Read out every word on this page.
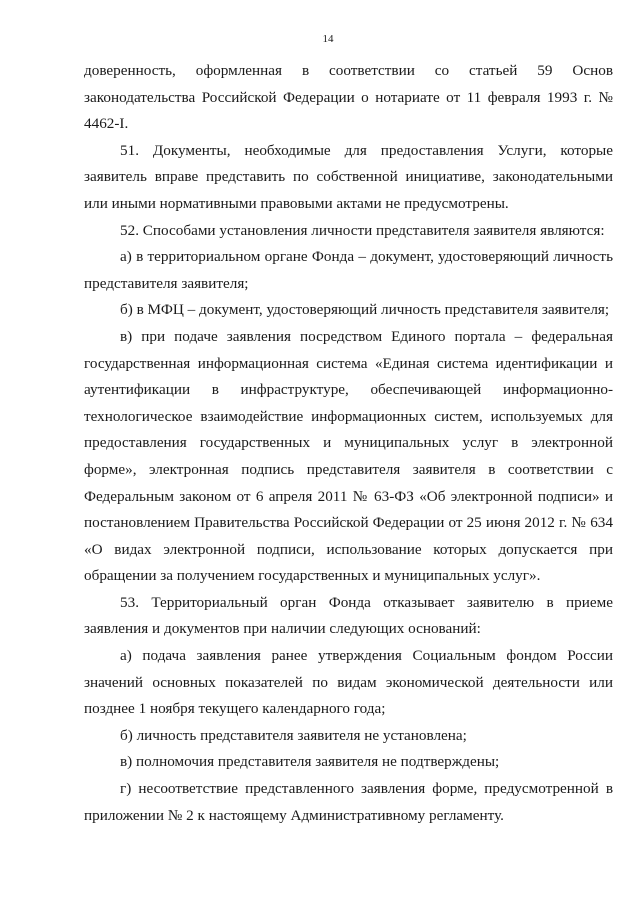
14

доверенность, оформленная в соответствии со статьей 59 Основ законодательства Российской Федерации о нотариате от 11 февраля 1993 г. № 4462-I.

51. Документы, необходимые для предоставления Услуги, которые заявитель вправе представить по собственной инициативе, законодательными или иными нормативными правовыми актами не предусмотрены.

52. Способами установления личности представителя заявителя являются:

а) в территориальном органе Фонда – документ, удостоверяющий личность представителя заявителя;

б) в МФЦ – документ, удостоверяющий личность представителя заявителя;

в) при подаче заявления посредством Единого портала – федеральная государственная информационная система «Единая система идентификации и аутентификации в инфраструктуре, обеспечивающей информационно-технологическое взаимодействие информационных систем, используемых для предоставления государственных и муниципальных услуг в электронной форме», электронная подпись представителя заявителя в соответствии с Федеральным законом от 6 апреля 2011 № 63-ФЗ «Об электронной подписи» и постановлением Правительства Российской Федерации от 25 июня 2012 г. № 634 «О видах электронной подписи, использование которых допускается при обращении за получением государственных и муниципальных услуг».

53. Территориальный орган Фонда отказывает заявителю в приеме заявления и документов при наличии следующих оснований:

а) подача заявления ранее утверждения Социальным фондом России значений основных показателей по видам экономической деятельности или позднее 1 ноября текущего календарного года;

б) личность представителя заявителя не установлена;

в) полномочия представителя заявителя не подтверждены;

г) несоответствие представленного заявления форме, предусмотренной в приложении № 2 к настоящему Административному регламенту.
